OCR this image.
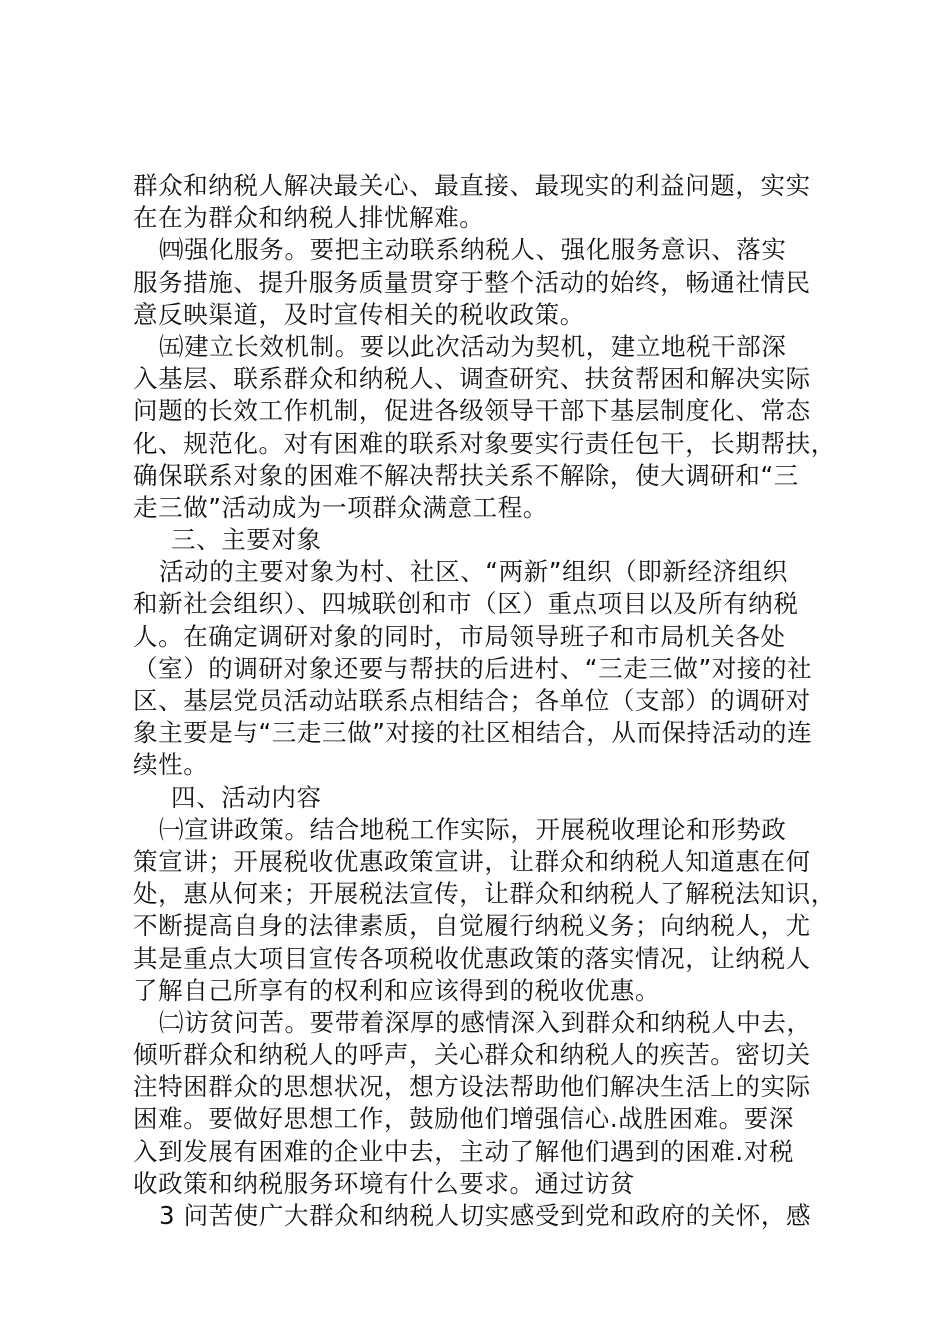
群众和纳税人解决最关心、最直接、最现实的利益问题，实实
在在为群众和纳税人排忧解难。
㈣强化服务。要把主动联系纳税人、强化服务意识、落实
服务措施、提升服务质量贯穿于整个活动的始终，畅通社情民
意反映渠道，及时宣传相关的税收政策。
㈤建立长效机制。要以此次活动为契机，建立地税干部深
入基层、联系群众和纳税人、调查研究、扶贫帮困和解决实际
问题的长效工作机制，促进各级领导干部下基层制度化、常态
化、规范化。对有困难的联系对象要实行责任包干，长期帮扶，
确保联系对象的困难不解决帮扶关系不解除，使大调研和“三
走三做”活动成为一项群众满意工程。
三、主要对象
活动的主要对象为村、社区、“两新”组织（即新经济组织
和新社会组织）、四城联创和市（区）重点项目以及所有纳税
人。在确定调研对象的同时，市局领导班子和市局机关各处
（室）的调研对象还要与帮扶的后进村、“三走三做”对接的社
区、基层党员活动站联系点相结合；各单位（支部）的调研对
象主要是与“三走三做”对接的社区相结合，从而保持活动的连
续性。
四、活动内容
㈠宣讲政策。结合地税工作实际，开展税收理论和形势政
策宣讲；开展税收优惠政策宣讲，让群众和纳税人知道惠在何
处，惠从何来；开展税法宣传，让群众和纳税人了解税法知识，
不断提高自身的法律素质，自觉履行纳税义务；向纳税人，尤
其是重点大项目宣传各项税收优惠政策的落实情况，让纳税人
了解自己所享有的权利和应该得到的税收优惠。
㈡访贫问苦。要带着深厚的感情深入到群众和纳税人中去，
倾听群众和纳税人的呼声，关心群众和纳税人的疾苦。密切关
注特困群众的思想状况，想方设法帮助他们解决生活上的实际
困难。要做好思想工作，鼓励他们增强信心.战胜困难。要深
入到发展有困难的企业中去，主动了解他们遇到的困难.对税
收政策和纳税服务环境有什么要求。通过访贫
3 问苦使广大群众和纳税人切实感受到党和政府的关怀，感
